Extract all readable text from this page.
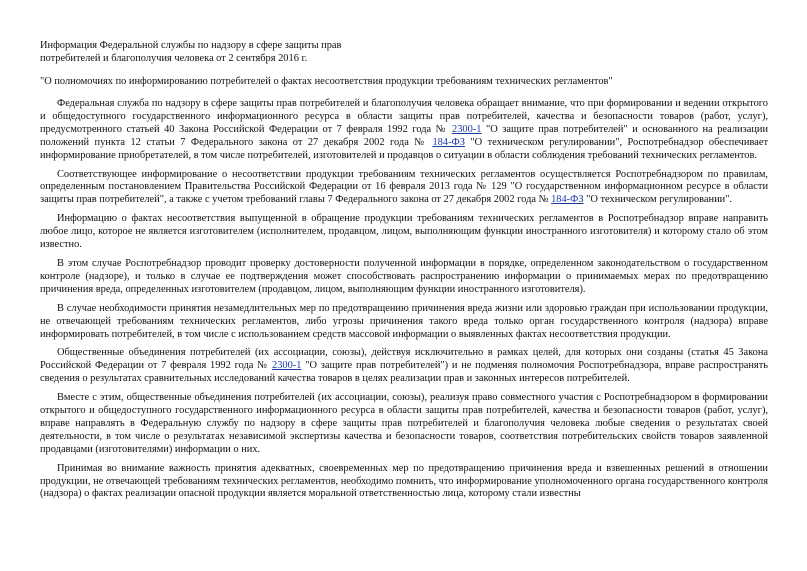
Информация Федеральной службы по надзору в сфере защиты прав
потребителей и благополучия человека от 2 сентября 2016 г.
"О полномочиях по информированию потребителей о фактах несоответствия продукции требованиям технических регламентов"

Федеральная служба по надзору в сфере защиты прав потребителей и благополучия человека обращает внимание, что при формировании и ведении открытого и общедоступного государственного информационного ресурса в области защиты прав потребителей, качества и безопасности товаров (работ, услуг), предусмотренного статьей 40 Закона Российской Федерации от 7 февраля 1992 года № 2300-1 "О защите прав потребителей" и основанного на реализации положений пункта 12 статьи 7 Федерального закона от 27 декабря 2002 года № 184-ФЗ "О техническом регулировании", Роспотребнадзор обеспечивает информирование приобретателей, в том числе потребителей, изготовителей и продавцов о ситуации в области соблюдения требований технических регламентов.

Соответствующее информирование о несоответствии продукции требованиям технических регламентов осуществляется Роспотребнадзором по правилам, определенным постановлением Правительства Российской Федерации от 16 февраля 2013 года № 129 "О государственном информационном ресурсе в области защиты прав потребителей", а также с учетом требований главы 7 Федерального закона от 27 декабря 2002 года № 184-ФЗ "О техническом регулировании".

Информацию о фактах несоответствия выпущенной в обращение продукции требованиям технических регламентов в Роспотребнадзор вправе направить любое лицо, которое не является изготовителем (исполнителем, продавцом, лицом, выполняющим функции иностранного изготовителя) и которому стало об этом известно.

В этом случае Роспотребнадзор проводит проверку достоверности полученной информации в порядке, определенном законодательством о государственном контроле (надзоре), и только в случае ее подтверждения может способствовать распространению информации о принимаемых мерах по предотвращению причинения вреда, определенных изготовителем (продавцом, лицом, выполняющим функции иностранного изготовителя).

В случае необходимости принятия незамедлительных мер по предотвращению причинения вреда жизни или здоровью граждан при использовании продукции, не отвечающей требованиям технических регламентов, либо угрозы причинения такого вреда только орган государственного контроля (надзора) вправе информировать потребителей, в том числе с использованием средств массовой информации о выявленных фактах несоответствия продукции.

Общественные объединения потребителей (их ассоциации, союзы), действуя исключительно в рамках целей, для которых они созданы (статья 45 Закона Российской Федерации от 7 февраля 1992 года № 2300-1 "О защите прав потребителей") и не подменяя полномочия Роспотребнадзора, вправе распространять сведения о результатах сравнительных исследований качества товаров в целях реализации прав и законных интересов потребителей.

Вместе с этим, общественные объединения потребителей (их ассоциации, союзы), реализуя право совместного участия с Роспотребнадзором в формировании открытого и общедоступного государственного информационного ресурса в области защиты прав потребителей, качества и безопасности товаров (работ, услуг), вправе направлять в Федеральную службу по надзору в сфере защиты прав потребителей и благополучия человека любые сведения о результатах своей деятельности, в том числе о результатах независимой экспертизы качества и безопасности товаров, соответствия потребительских свойств товаров заявленной продавцами (изготовителями) информации о них.

Принимая во внимание важность принятия адекватных, своевременных мер по предотвращению причинения вреда и взвешенных решений в отношении продукции, не отвечающей требованиям технических регламентов, необходимо помнить, что информирование уполномоченного органа государственного контроля (надзора) о фактах реализации опасной продукции является моральной ответственностью лица, которому стали известны
